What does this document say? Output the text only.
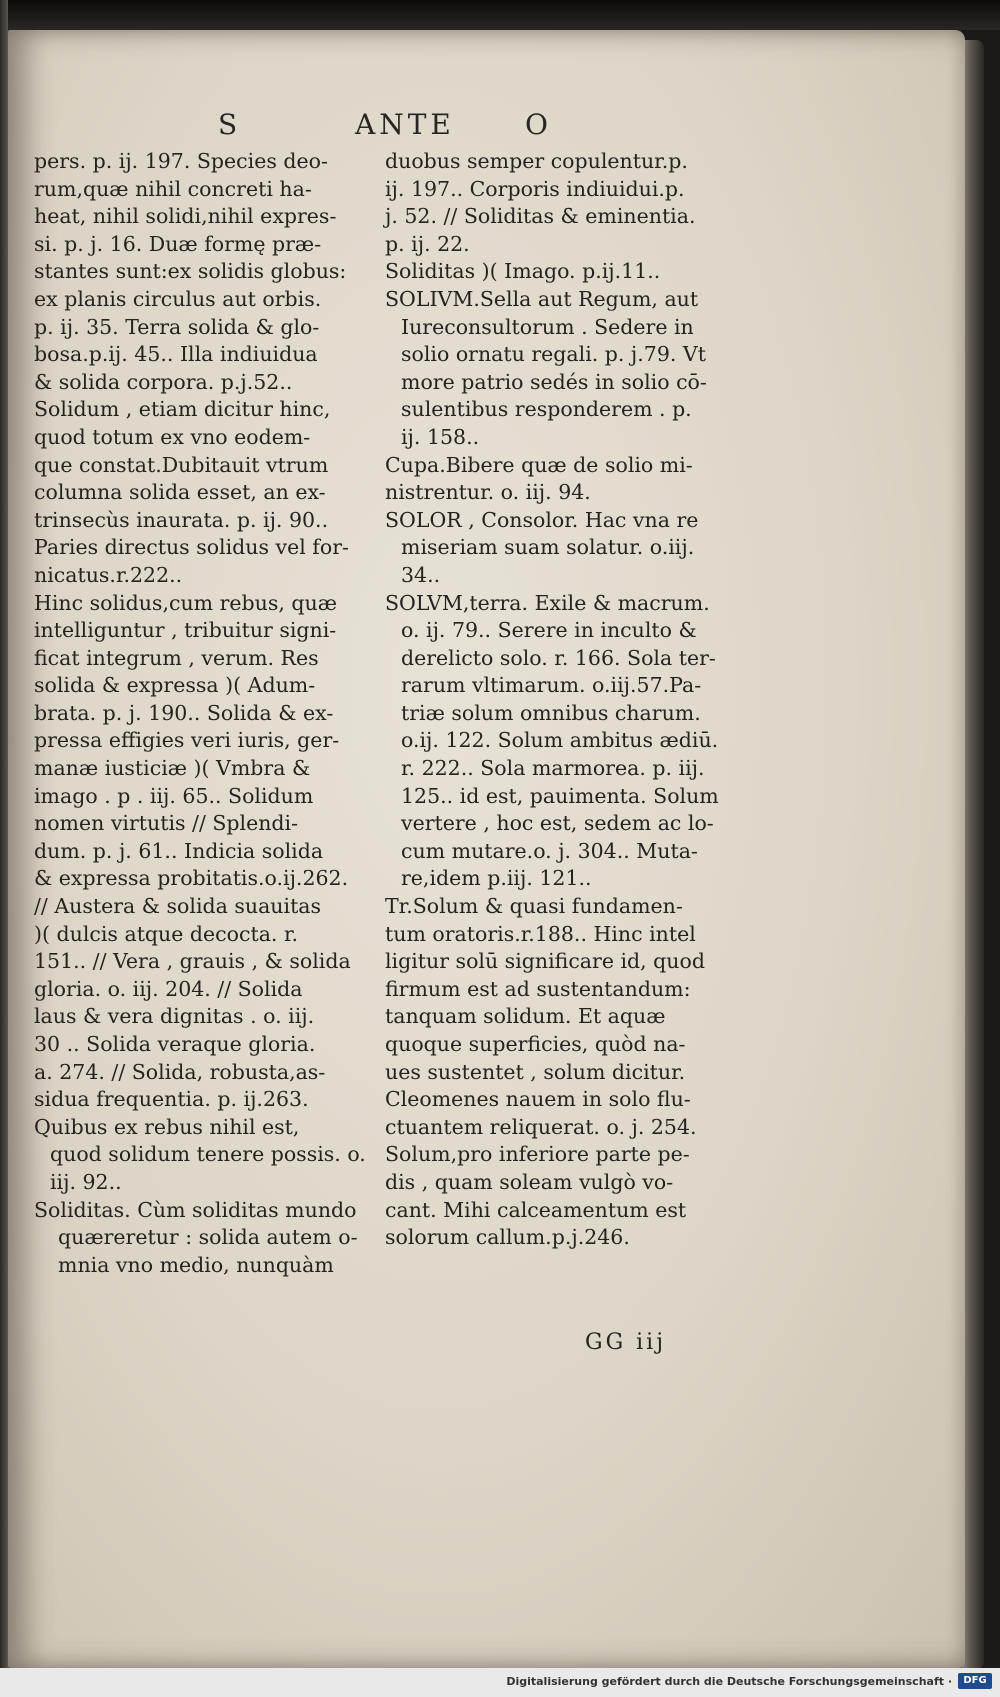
S	ANTE	O
pers. p. ij. 197. Species deo-
rum,quæ nihil concreti ha-
heat, nihil solidi,nihil expres-
si. p. j. 16. Duæ formę præ-
stantes sunt:ex solidis globus:
ex planis circulus aut orbis.
p. ij. 35. Terra solida & glo-
bosa.p.ij. 45.. Illa indiuidua
& solida corpora. p.j.52..
Solidum , etiam dicitur hinc,
quod totum ex vno eodem-
que constat.Dubitauit vtrum
columna solida esset, an ex-
trinsecùs inaurata. p. ij. 90..
Paries directus solidus vel for-
nicatus.r.222..
Hinc solidus,cum rebus, quæ
intelliguntur , tribuitur signi-
ficat integrum , verum. Res
solida & expressa )( Adum-
brata. p. j. 190.. Solida & ex-
pressa effigies veri iuris, ger-
manæ iusticiæ )( Vmbra &
imago . p . iij. 65.. Solidum
nomen virtutis // Splendi-
dum. p. j. 61.. Indicia solida
& expressa probitatis.o.ij.262.
// Austera & solida suauitas
)( dulcis atque decocta. r.
151.. // Vera , grauis , & solida
gloria. o. iij. 204. // Solida
laus & vera dignitas . o. iij.
30 .. Solida veraque gloria.
a. 274. // Solida, robusta,as-
sidua frequentia. p. ij.263.
Quibus ex rebus nihil est,
quod solidum tenere possis. o.
iij. 92..
Soliditas. Cùm soliditas mundo
quæreretur : solida autem o-
mnia vno medio, nunquàm
duobus semper copulentur.p.
ij. 197.. Corporis indiuidui.p.
j. 52. // Soliditas & eminentia.
p. ij. 22.
Soliditas )( Imago. p.ij.11..
SOLIVM.Sella aut Regum, aut
Iureconsultorum . Sedere in
solio ornatu regali. p. j.79. Vt
more patrio sedés in solio cō-
sulentibus responderem . p.
ij. 158..
Cupa.Bibere quæ de solio mi-
nistrentur. o. iij. 94.
SOLOR , Consolor. Hac vna re
miseriam suam solatur. o.iij.
34..
SOLVM,terra. Exile & macrum.
o. ij. 79.. Serere in inculto &
derelicto solo. r. 166. Sola ter-
rarum vltimarum. o.iij.57.Pa-
triæ solum omnibus charum.
o.ij. 122. Solum ambitus ædiū.
r. 222.. Sola marmorea. p. iij.
125.. id est, pauimenta. Solum
vertere , hoc est, sedem ac lo-
cum mutare.o. j. 304.. Muta-
re,idem p.iij. 121..
Tr.Solum & quasi fundamen-
tum oratoris.r.188.. Hinc intel
ligitur solū significare id, quod
firmum est ad sustentandum:
tanquam solidum. Et aquæ
quoque superficies, quòd na-
ues sustentet , solum dicitur.
Cleomenes nauem in solo flu-
ctuantem reliquerat. o. j. 254.
Solum,pro inferiore parte pe-
dis , quam soleam vulgò vo-
cant. Mihi calceamentum est
solorum callum.p.j.246.
GG iij
Digitalisierung gefördert durch die Deutsche Forschungsgemeinschaft ·	DFG
